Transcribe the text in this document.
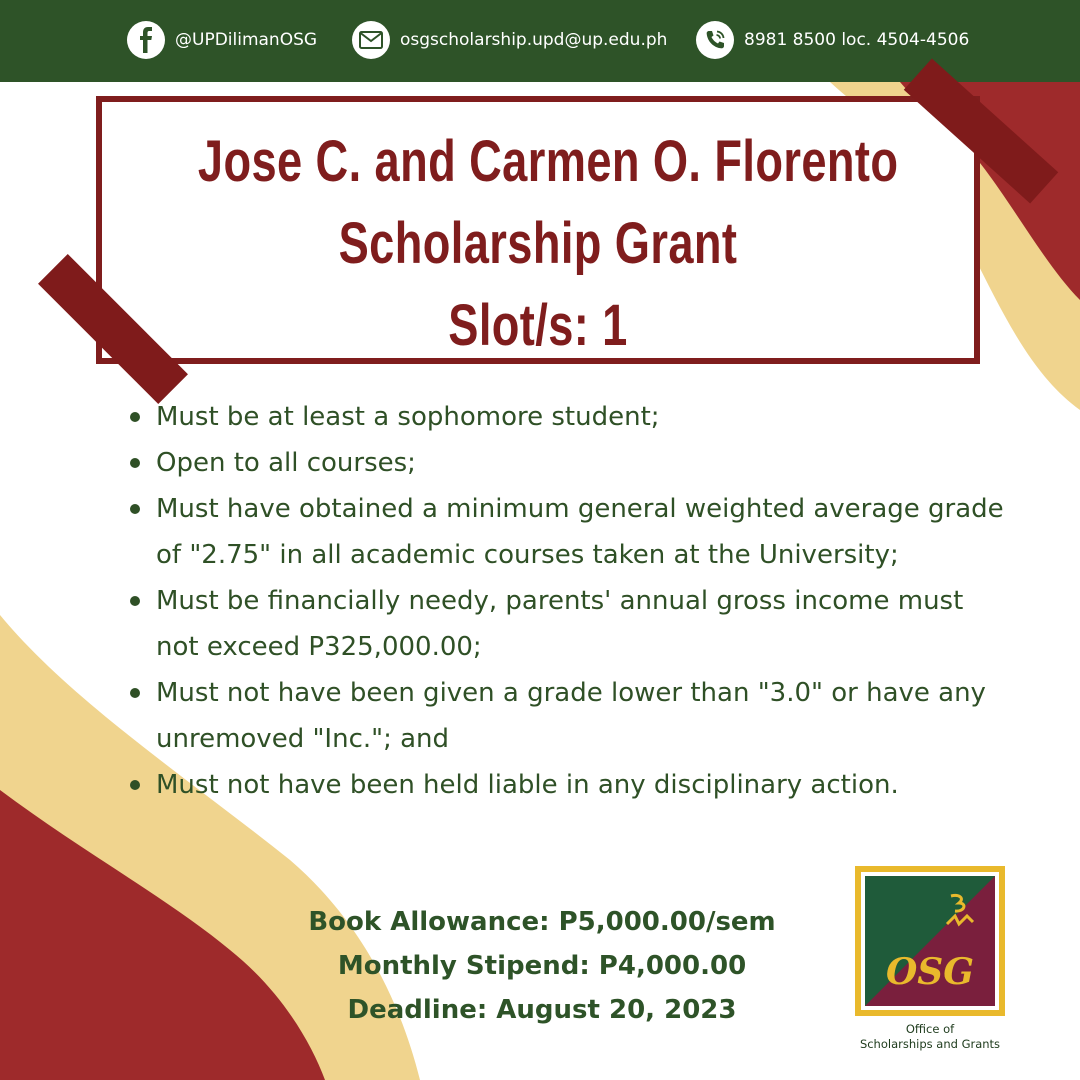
@UPDilimanOSG	osgscholarship.upd@up.edu.ph	8981 8500 loc. 4504-4506
Jose C. and Carmen O. Florento
Scholarship Grant
Slot/s: 1
Must be at least a sophomore student;
Open to all courses;
Must have obtained a minimum general weighted average grade of "2.75" in all academic courses taken at the University;
Must be financially needy, parents' annual gross income must not exceed P325,000.00;
Must not have been given a grade lower than "3.0" or have any unremoved "Inc."; and
Must not have been held liable in any disciplinary action.
Book Allowance: P5,000.00/sem
Monthly Stipend: P4,000.00
Deadline: August 20, 2023
OSG
Office of
Scholarships and Grants
